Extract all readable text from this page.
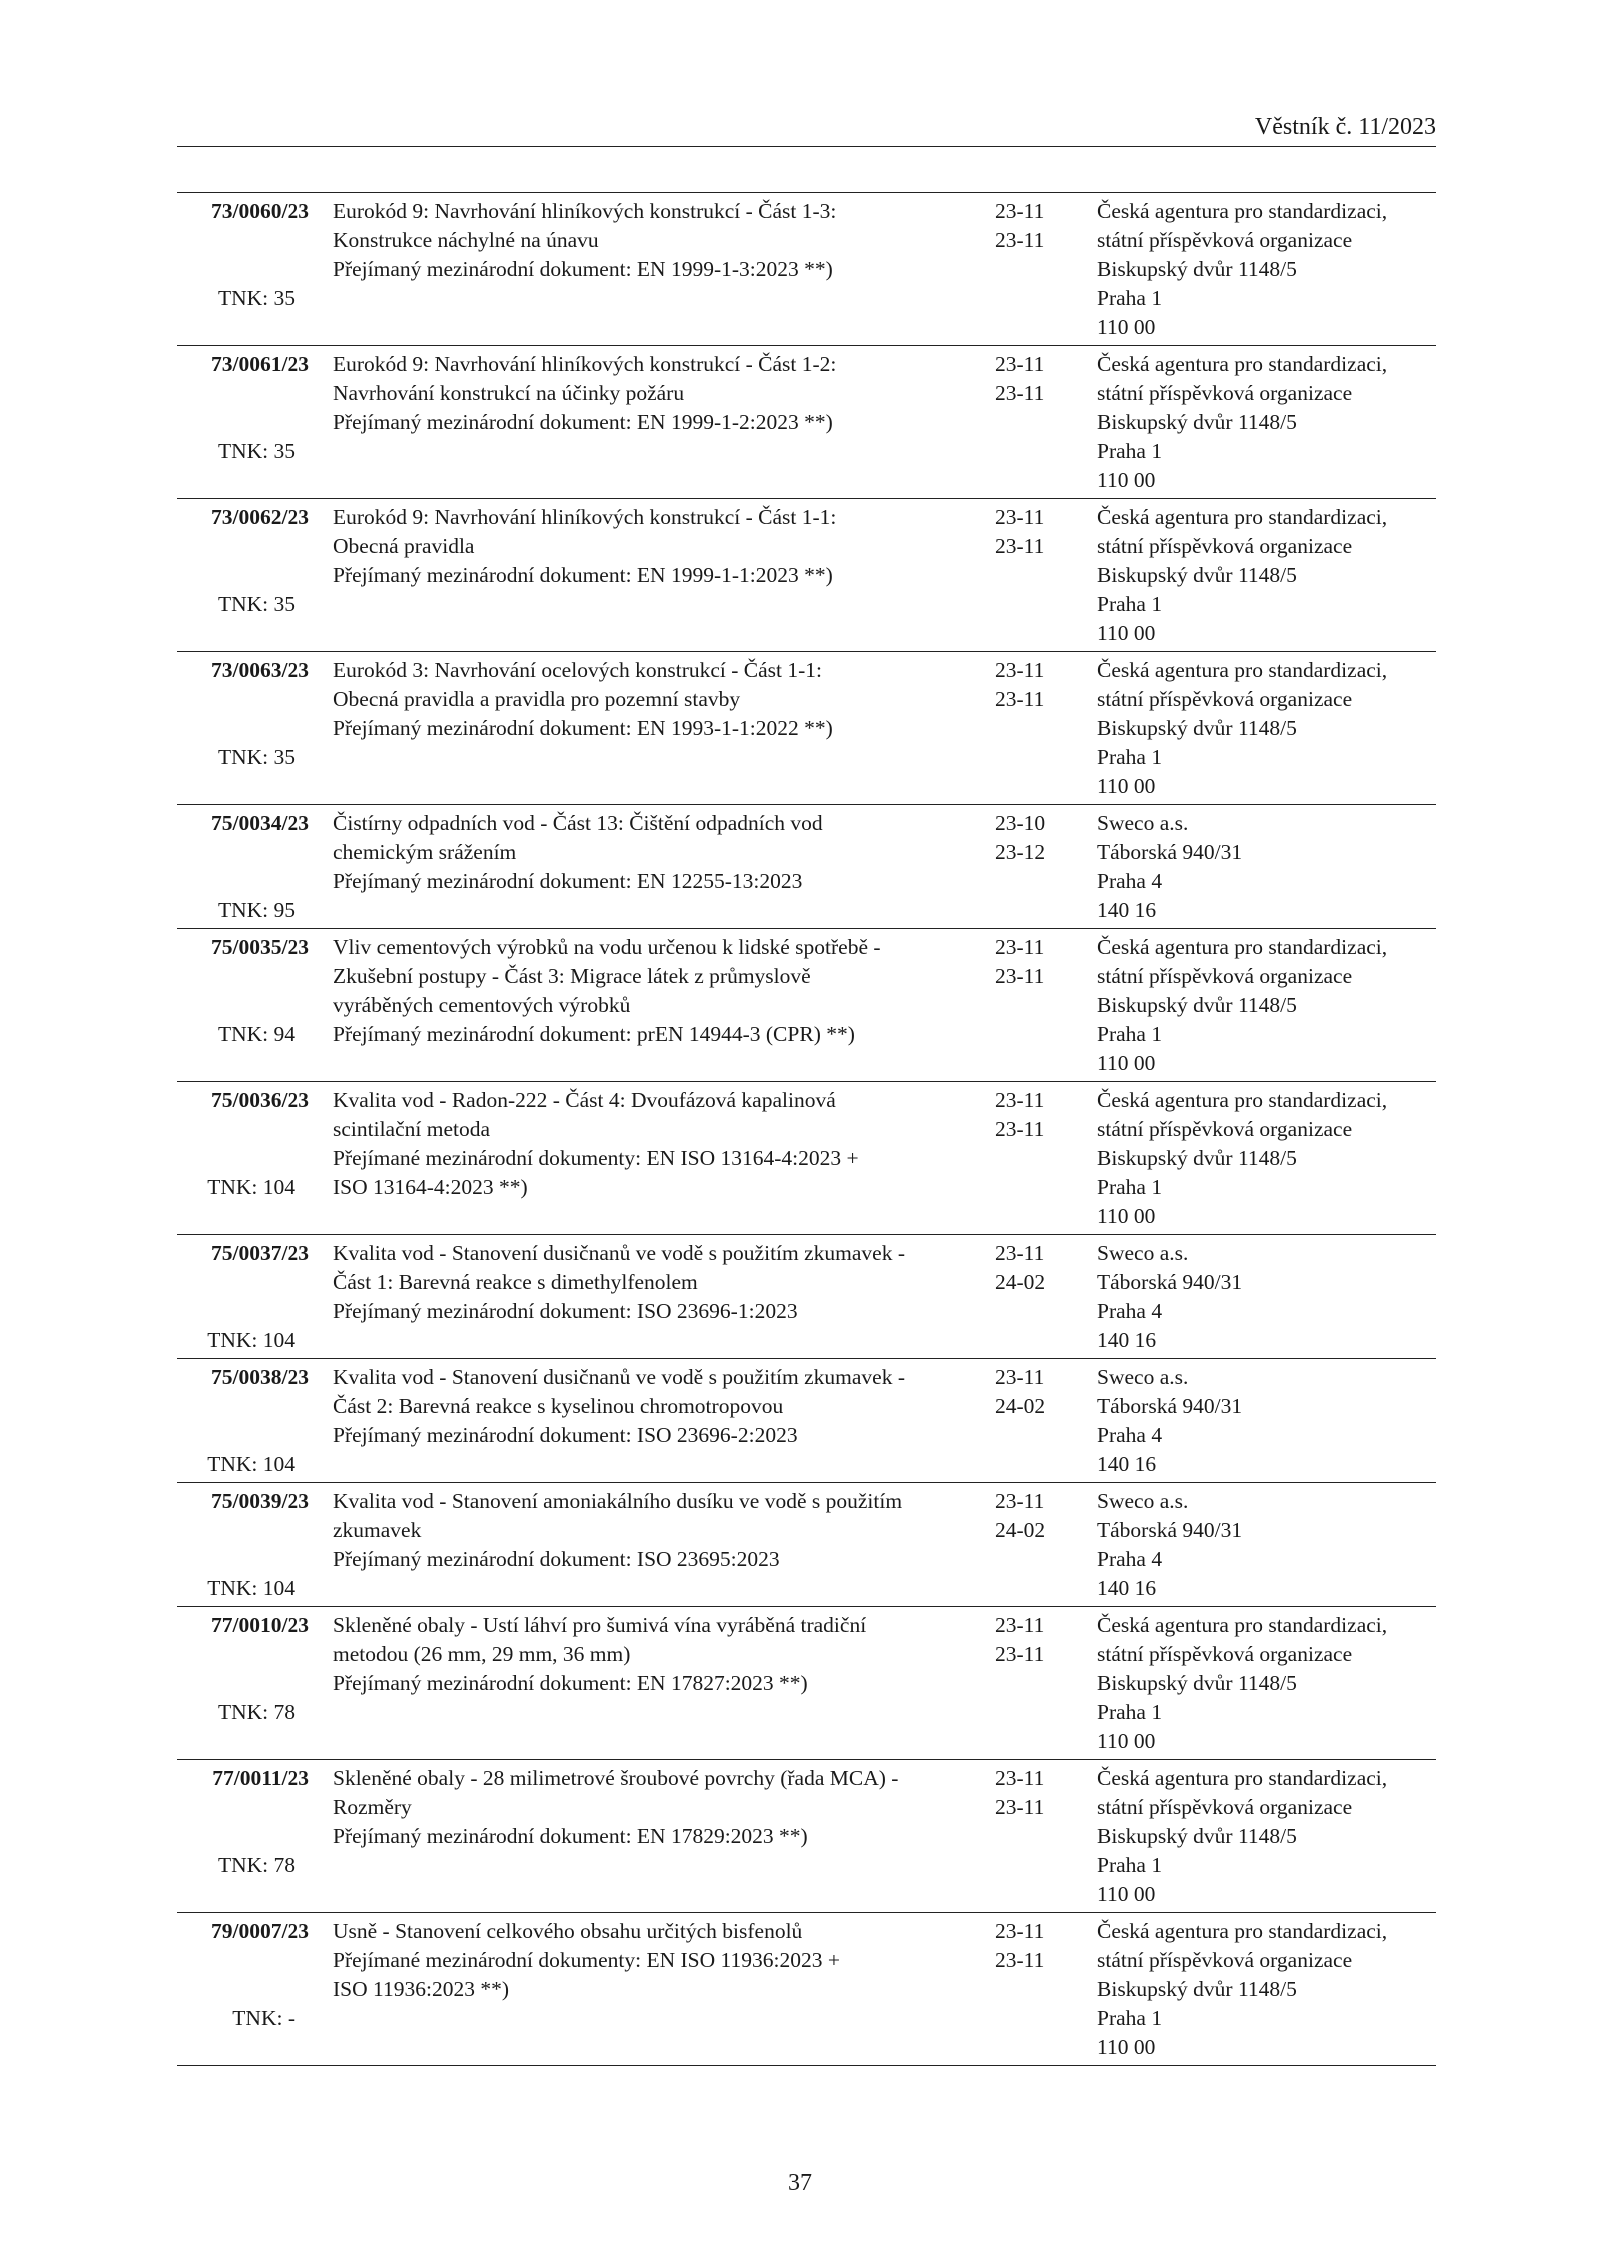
Věstník č. 11/2023
73/0060/23
TNK: 35
Eurokód 9: Navrhování hliníkových konstrukcí - Část 1-3:
Konstrukce náchylné na únavu
Přejímaný mezinárodní dokument: EN 1999-1-3:2023 **)
23-11
23-11
Česká agentura pro standardizaci,
státní příspěvková organizace
Biskupský dvůr 1148/5
Praha 1
110 00
73/0061/23
TNK: 35
Eurokód 9: Navrhování hliníkových konstrukcí - Část 1-2:
Navrhování konstrukcí na účinky požáru
Přejímaný mezinárodní dokument: EN 1999-1-2:2023 **)
23-11
23-11
Česká agentura pro standardizaci,
státní příspěvková organizace
Biskupský dvůr 1148/5
Praha 1
110 00
73/0062/23
TNK: 35
Eurokód 9: Navrhování hliníkových konstrukcí - Část 1-1:
Obecná pravidla
Přejímaný mezinárodní dokument: EN 1999-1-1:2023 **)
23-11
23-11
Česká agentura pro standardizaci,
státní příspěvková organizace
Biskupský dvůr 1148/5
Praha 1
110 00
73/0063/23
TNK: 35
Eurokód 3: Navrhování ocelových konstrukcí - Část 1-1:
Obecná pravidla a pravidla pro pozemní stavby
Přejímaný mezinárodní dokument: EN 1993-1-1:2022 **)
23-11
23-11
Česká agentura pro standardizaci,
státní příspěvková organizace
Biskupský dvůr 1148/5
Praha 1
110 00
75/0034/23
TNK: 95
Čistírny odpadních vod - Část 13: Čištění odpadních vod
chemickým srážením
Přejímaný mezinárodní dokument: EN 12255-13:2023
23-10
23-12
Sweco a.s.
Táborská 940/31
Praha 4
140 16
75/0035/23
TNK: 94
Vliv cementových výrobků na vodu určenou k lidské spotřebě -
Zkušební postupy - Část 3: Migrace látek z průmyslově
vyráběných cementových výrobků
Přejímaný mezinárodní dokument: prEN 14944-3 (CPR) **)
23-11
23-11
Česká agentura pro standardizaci,
státní příspěvková organizace
Biskupský dvůr 1148/5
Praha 1
110 00
75/0036/23
TNK: 104
Kvalita vod - Radon-222 - Část 4: Dvoufázová kapalinová
scintilační metoda
Přejímané mezinárodní dokumenty: EN ISO 13164-4:2023 +
ISO 13164-4:2023 **)
23-11
23-11
Česká agentura pro standardizaci,
státní příspěvková organizace
Biskupský dvůr 1148/5
Praha 1
110 00
75/0037/23
TNK: 104
Kvalita vod - Stanovení dusičnanů ve vodě s použitím zkumavek -
Část 1: Barevná reakce s dimethylfenolem
Přejímaný mezinárodní dokument: ISO 23696-1:2023
23-11
24-02
Sweco a.s.
Táborská 940/31
Praha 4
140 16
75/0038/23
TNK: 104
Kvalita vod - Stanovení dusičnanů ve vodě s použitím zkumavek -
Část 2: Barevná reakce s kyselinou chromotropovou
Přejímaný mezinárodní dokument: ISO 23696-2:2023
23-11
24-02
Sweco a.s.
Táborská 940/31
Praha 4
140 16
75/0039/23
TNK: 104
Kvalita vod - Stanovení amoniakálního dusíku ve vodě s použitím
zkumavek
Přejímaný mezinárodní dokument: ISO 23695:2023
23-11
24-02
Sweco a.s.
Táborská 940/31
Praha 4
140 16
77/0010/23
TNK: 78
Skleněné obaly - Ustí láhví pro šumivá vína vyráběná tradiční
metodou (26 mm, 29 mm, 36 mm)
Přejímaný mezinárodní dokument: EN 17827:2023 **)
23-11
23-11
Česká agentura pro standardizaci,
státní příspěvková organizace
Biskupský dvůr 1148/5
Praha 1
110 00
77/0011/23
TNK: 78
Skleněné obaly - 28 milimetrové šroubové povrchy (řada MCA) -
Rozměry
Přejímaný mezinárodní dokument: EN 17829:2023 **)
23-11
23-11
Česká agentura pro standardizaci,
státní příspěvková organizace
Biskupský dvůr 1148/5
Praha 1
110 00
79/0007/23
TNK: -
Usně - Stanovení celkového obsahu určitých bisfenolů
Přejímané mezinárodní dokumenty: EN ISO 11936:2023 +
ISO 11936:2023 **)
23-11
23-11
Česká agentura pro standardizaci,
státní příspěvková organizace
Biskupský dvůr 1148/5
Praha 1
110 00
37
